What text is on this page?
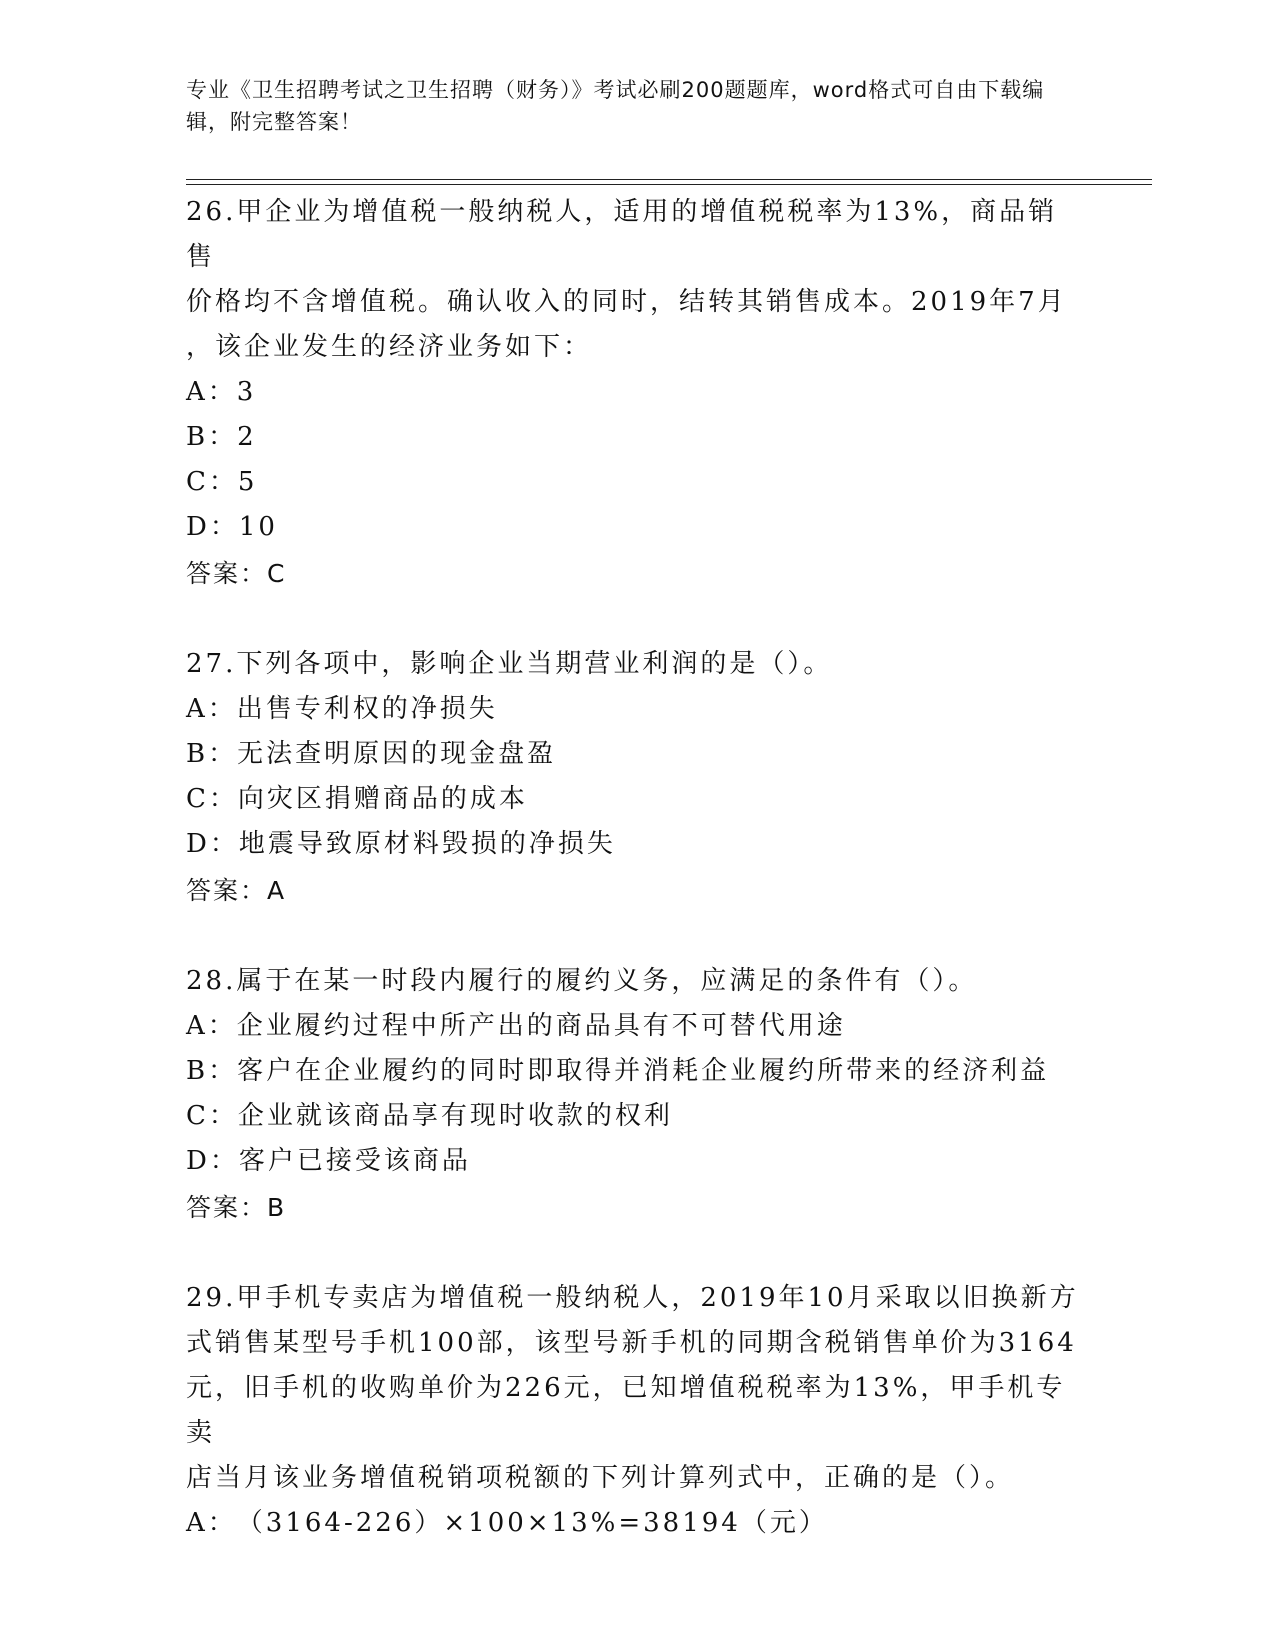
专业《卫生招聘考试之卫生招聘（财务）》考试必刷200题题库，word格式可自由下载编辑，附完整答案！

26.甲企业为增值税一般纳税人，适用的增值税税率为13%，商品销售

价格均不含增值税。确认收入的同时，结转其销售成本。2019年7月

，该企业发生的经济业务如下：

A：3

B：2

C：5

D：10

答案：C

27.下列各项中，影响企业当期营业利润的是（）。

A：出售专利权的净损失

B：无法查明原因的现金盘盈

C：向灾区捐赠商品的成本

D：地震导致原材料毁损的净损失

答案：A

28.属于在某一时段内履行的履约义务，应满足的条件有（）。

A：企业履约过程中所产出的商品具有不可替代用途

B：客户在企业履约的同时即取得并消耗企业履约所带来的经济利益

C：企业就该商品享有现时收款的权利

D：客户已接受该商品

答案：B

29.甲手机专卖店为增值税一般纳税人，2019年10月采取以旧换新方

式销售某型号手机100部，该型号新手机的同期含税销售单价为3164

元，旧手机的收购单价为226元，已知增值税税率为13%，甲手机专卖

店当月该业务增值税销项税额的下列计算列式中，正确的是（）。

A：（3164-226）×100×13%=38194（元）
